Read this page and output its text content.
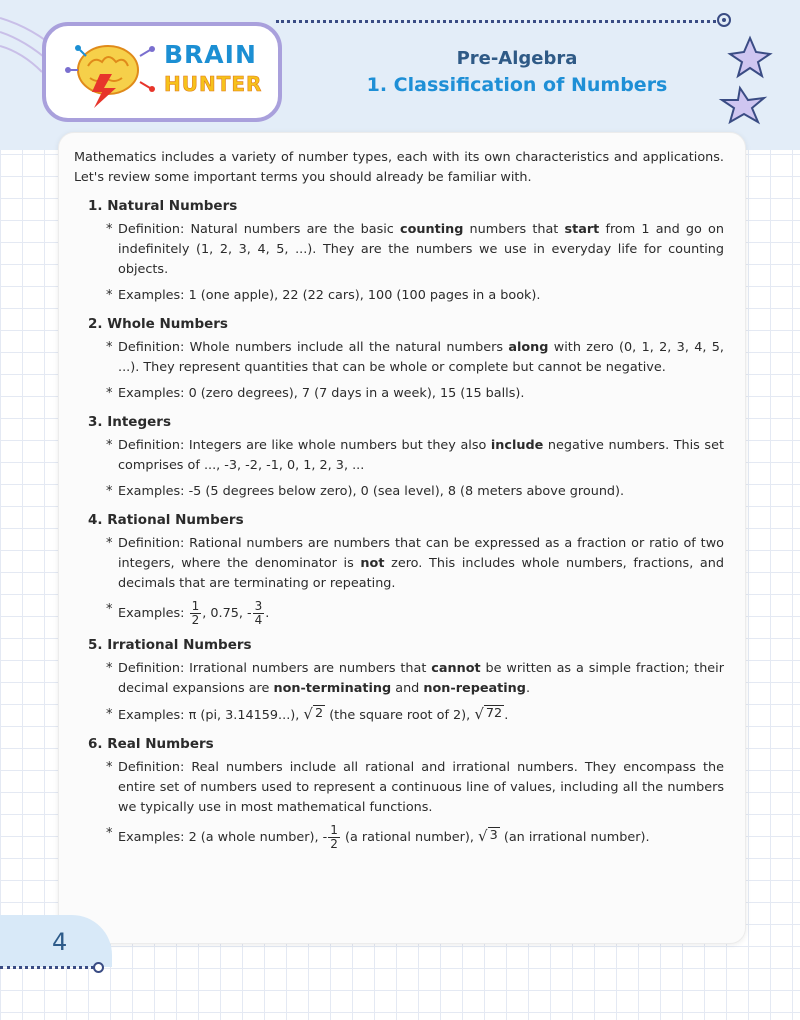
BRAIN
HUNTER
Pre-Algebra
1. Classification of Numbers

Mathematics includes a variety of number types, each with its own characteristics and applications. Let's review some important terms you should already be familiar with.

1. Natural Numbers

* Definition: Natural numbers are the basic counting numbers that start from 1 and go on indefinitely (1, 2, 3, 4, 5, ...). They are the numbers we use in everyday life for counting objects.

* Examples: 1 (one apple), 22 (22 cars), 100 (100 pages in a book).

2. Whole Numbers

* Definition: Whole numbers include all the natural numbers along with zero (0, 1, 2, 3, 4, 5, ...). They represent quantities that can be whole or complete but cannot be negative.

* Examples: 0 (zero degrees), 7 (7 days in a week), 15 (15 balls).

3. Integers

* Definition: Integers are like whole numbers but they also include negative numbers. This set comprises of ..., -3, -2, -1, 0, 1, 2, 3, ...

* Examples: -5 (5 degrees below zero), 0 (sea level), 8 (8 meters above ground).

4. Rational Numbers

* Definition: Rational numbers are numbers that can be expressed as a fraction or ratio of two integers, where the denominator is not zero. This includes whole numbers, fractions, and decimals that are terminating or repeating.

* Examples: $\frac{1}{2}$ , 0.75, - $\frac{3}{4}$ .

5. Irrational Numbers

* Definition: Irrational numbers are numbers that cannot be written as a simple fraction; their decimal expansions are non-terminating and non-repeating.

* Examples: π (pi, 3.14159...), √ 2 (the square root of 2), √ 72 .

6. Real Numbers

* Definition: Real numbers include all rational and irrational numbers. They encompass the entire set of numbers used to represent a continuous line of values, including all the numbers we typically use in most mathematical functions.

* Examples: 2 (a whole number), - $\frac{1}{2} (a$ rational number), √ 3 (an irrational number).

4
